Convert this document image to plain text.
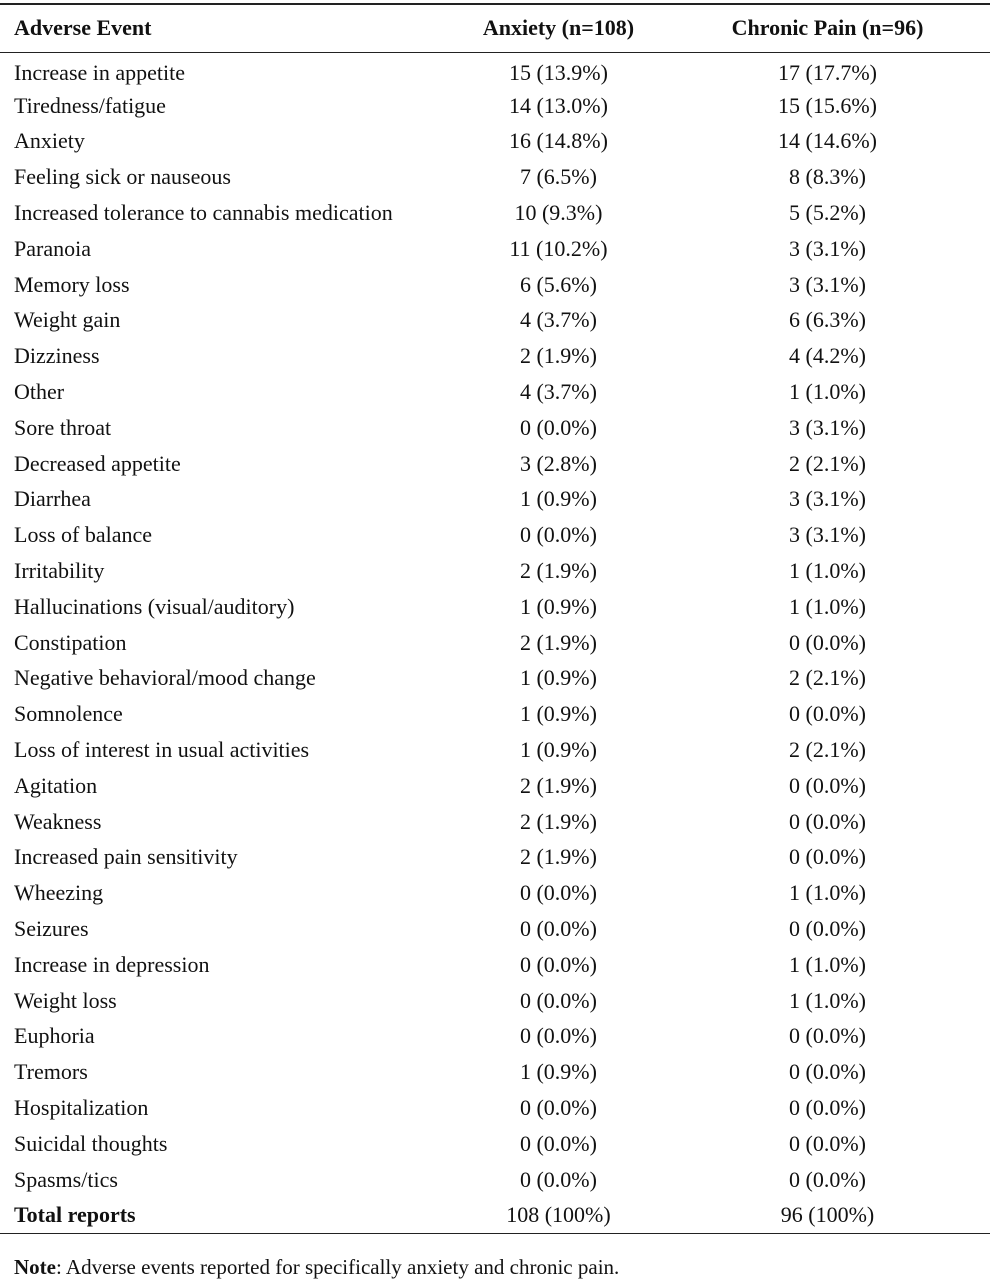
Adverse Event	Anxiety (n=108)	Chronic Pain (n=96)
Increase in appetite	15 (13.9%)	17 (17.7%)
Tiredness/fatigue	14 (13.0%)	15 (15.6%)
Anxiety	16 (14.8%)	14 (14.6%)
Feeling sick or nauseous	7 (6.5%)	8 (8.3%)
Increased tolerance to cannabis medication	10 (9.3%)	5 (5.2%)
Paranoia	11 (10.2%)	3 (3.1%)
Memory loss	6 (5.6%)	3 (3.1%)
Weight gain	4 (3.7%)	6 (6.3%)
Dizziness	2 (1.9%)	4 (4.2%)
Other	4 (3.7%)	1 (1.0%)
Sore throat	0 (0.0%)	3 (3.1%)
Decreased appetite	3 (2.8%)	2 (2.1%)
Diarrhea	1 (0.9%)	3 (3.1%)
Loss of balance	0 (0.0%)	3 (3.1%)
Irritability	2 (1.9%)	1 (1.0%)
Hallucinations (visual/auditory)	1 (0.9%)	1 (1.0%)
Constipation	2 (1.9%)	0 (0.0%)
Negative behavioral/mood change	1 (0.9%)	2 (2.1%)
Somnolence	1 (0.9%)	0 (0.0%)
Loss of interest in usual activities	1 (0.9%)	2 (2.1%)
Agitation	2 (1.9%)	0 (0.0%)
Weakness	2 (1.9%)	0 (0.0%)
Increased pain sensitivity	2 (1.9%)	0 (0.0%)
Wheezing	0 (0.0%)	1 (1.0%)
Seizures	0 (0.0%)	0 (0.0%)
Increase in depression	0 (0.0%)	1 (1.0%)
Weight loss	0 (0.0%)	1 (1.0%)
Euphoria	0 (0.0%)	0 (0.0%)
Tremors	1 (0.9%)	0 (0.0%)
Hospitalization	0 (0.0%)	0 (0.0%)
Suicidal thoughts	0 (0.0%)	0 (0.0%)
Spasms/tics	0 (0.0%)	0 (0.0%)
Total reports	108 (100%)	96 (100%)
Note: Adverse events reported for specifically anxiety and chronic pain.
